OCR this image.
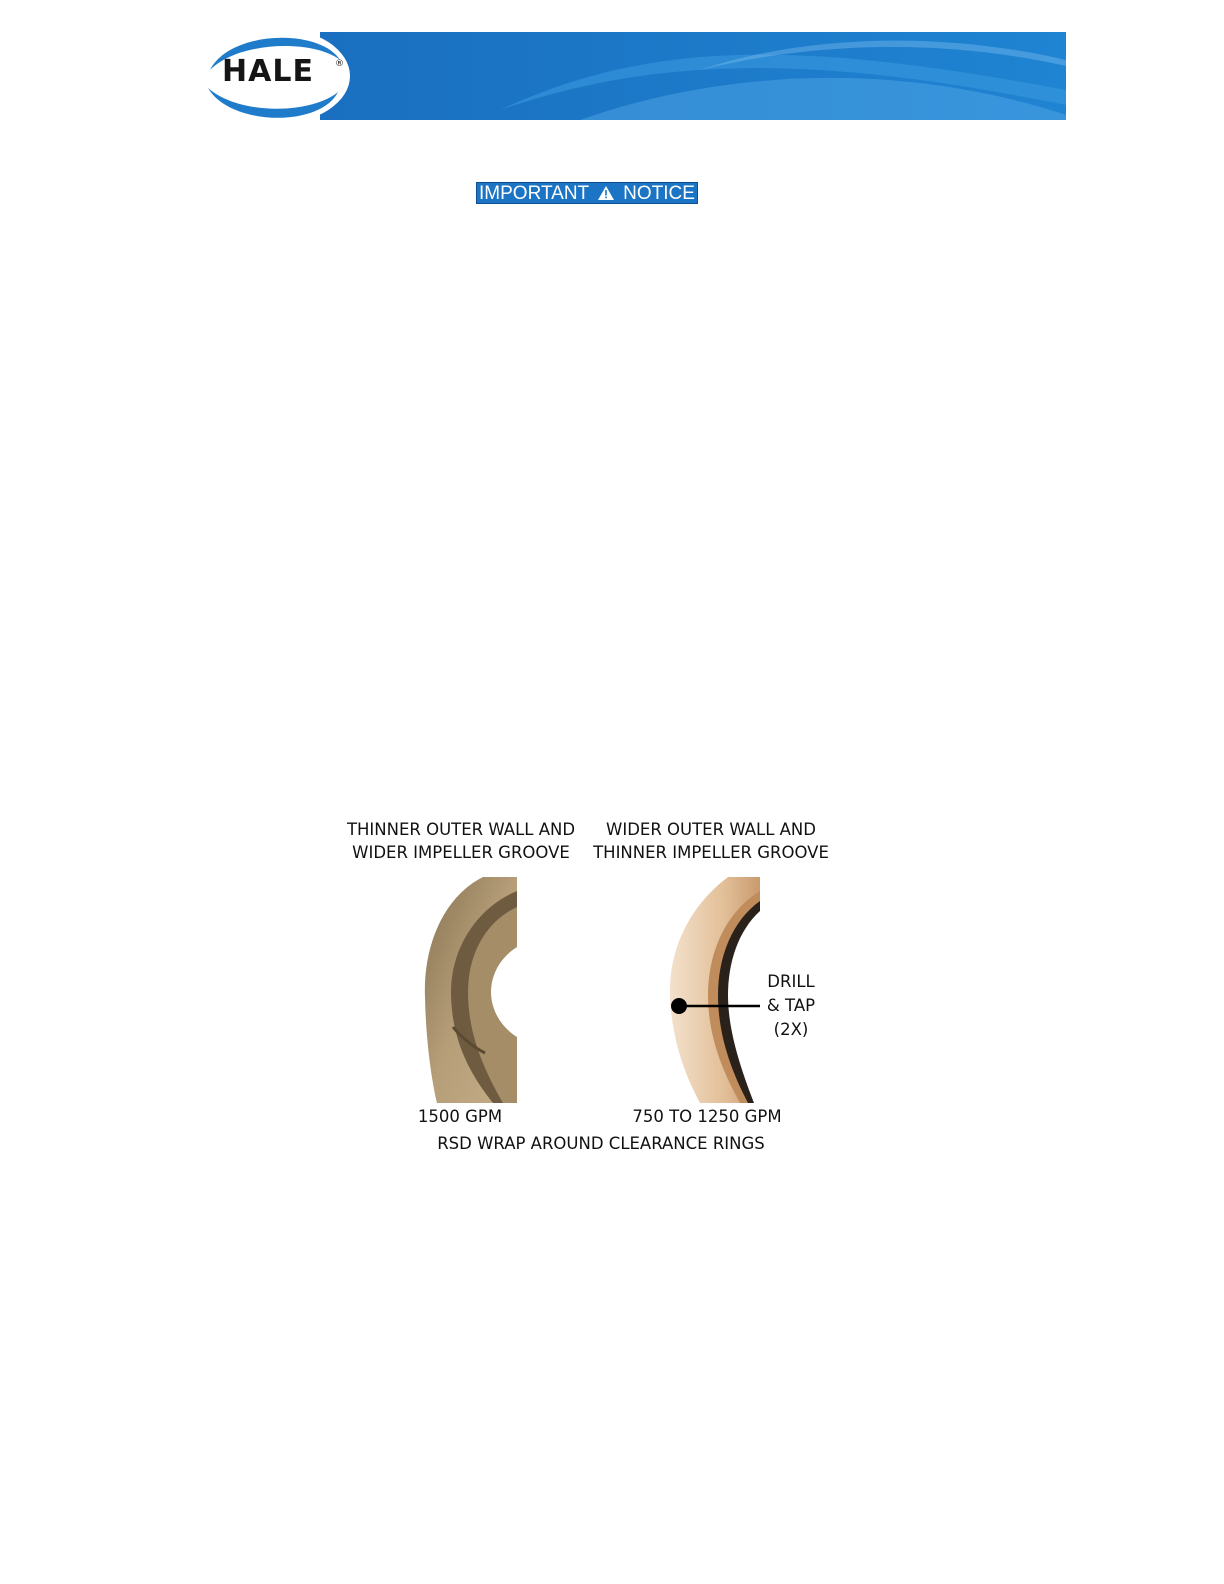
®
HALE
IMPORTANT NOTICE
THINNER OUTER WALL AND
WIDER IMPELLER GROOVE
WIDER OUTER WALL AND
THINNER IMPELLER GROOVE
DRILL
& TAP
(2X)
1500 GPM	750 TO 1250 GPM
RSD WRAP AROUND CLEARANCE RINGS
